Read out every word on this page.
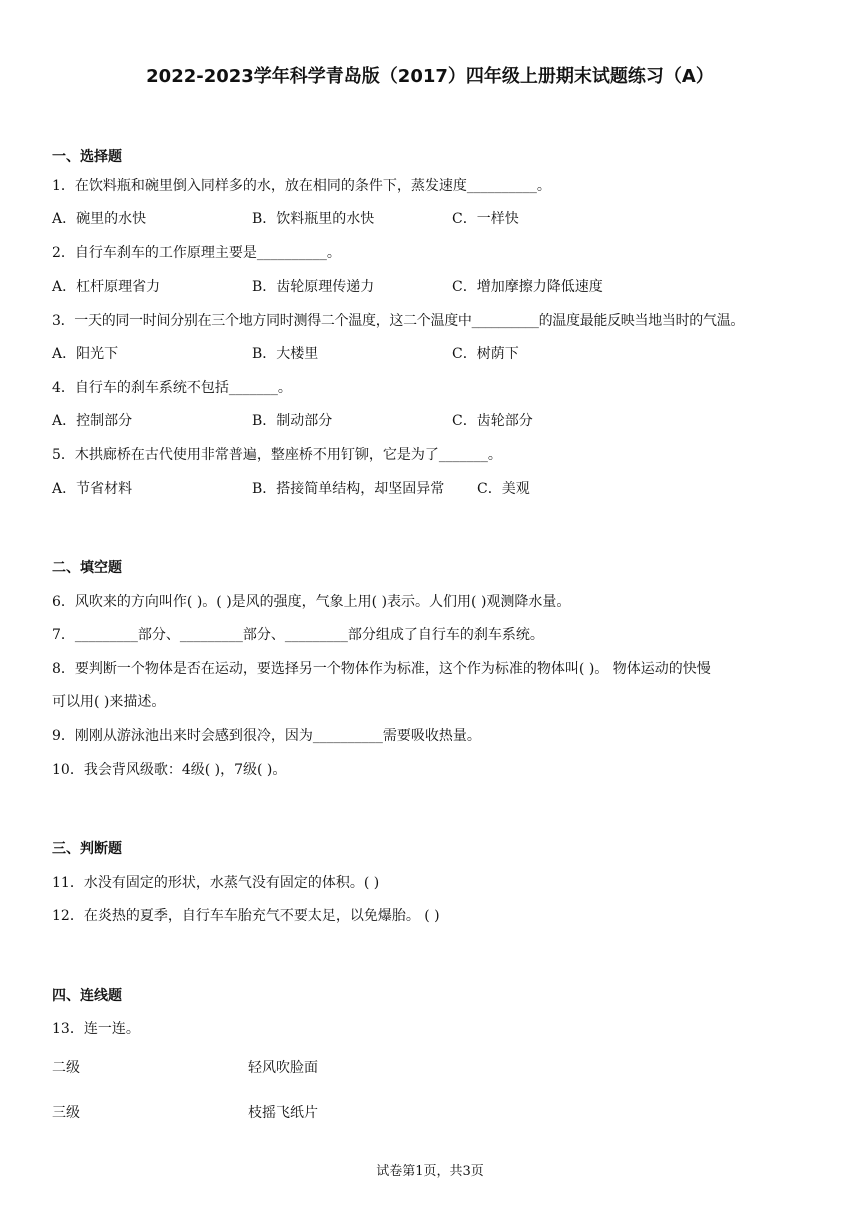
2022-2023学年科学青岛版（2017）四年级上册期末试题练习（A）
一、选择题
1．在饮料瓶和碗里倒入同样多的水，放在相同的条件下，蒸发速度__________。
A．碗里的水快	B．饮料瓶里的水快	C．一样快
2．自行车刹车的工作原理主要是__________。
A．杠杆原理省力	B．齿轮原理传递力	C．增加摩擦力降低速度
3．一天的同一时间分别在三个地方同时测得二个温度，这二个温度中__________的温度最能反映当地当时的气温。
A．阳光下	B．大楼里	C．树荫下
4．自行车的刹车系统不包括_______。
A．控制部分	B．制动部分	C．齿轮部分
5．木拱廊桥在古代使用非常普遍，整座桥不用钉铆，它是为了_______。
A．节省材料	B．搭接简单结构，却坚固异常 C．美观
二、填空题
6．风吹来的方向叫作( )。( )是风的强度，气象上用( )表示。人们用( )观测降水量。
7．_________部分、_________部分、_________部分组成了自行车的刹车系统。
8．要判断一个物体是否在运动，要选择另一个物体作为标准，这个作为标准的物体叫( )。 物体运动的快慢
可以用( )来描述。
9．刚刚从游泳池出来时会感到很冷，因为__________需要吸收热量。
10．我会背风级歌：4级( )，7级( )。
三、判断题
11．水没有固定的形状，水蒸气没有固定的体积。( )
12．在炎热的夏季，自行车车胎充气不要太足，以免爆胎。 ( )
四、连线题
13．连一连。
二级	轻风吹脸面
三级	枝摇飞纸片
试卷第1页，共3页
